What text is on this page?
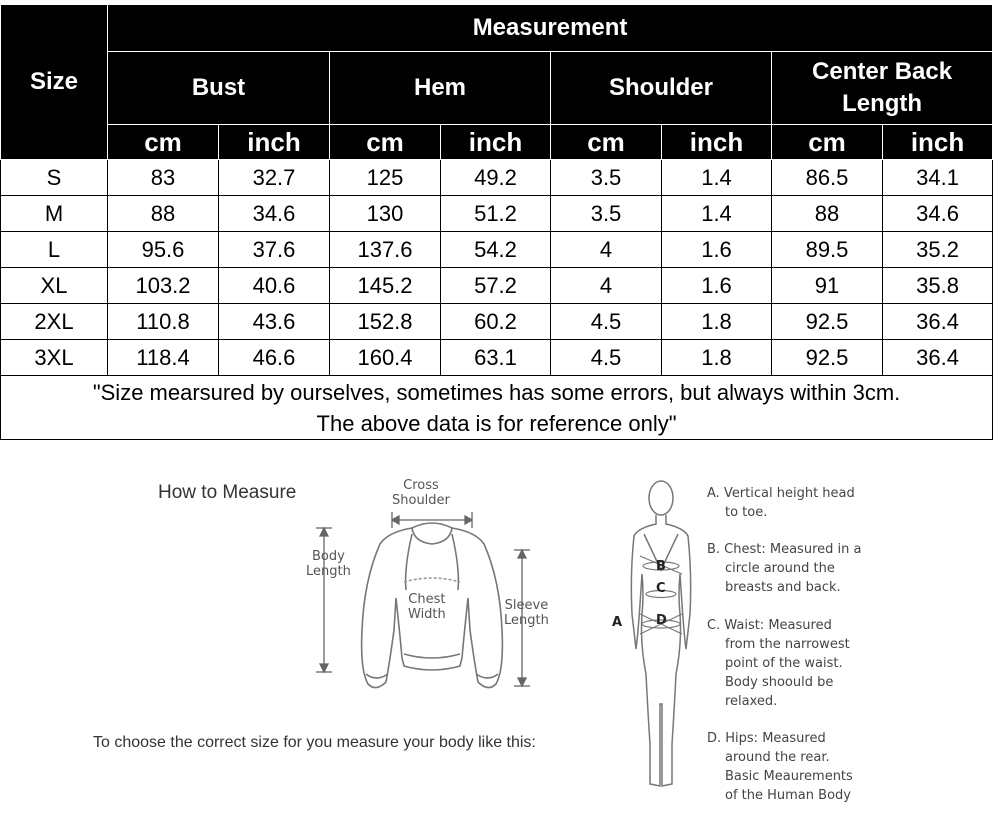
Size	Measurement							
	Bust		Hem		Shoulder		Center Back Length	
	cm	inch	cm	inch	cm	inch	cm	inch
S	83	32.7	125	49.2	3.5	1.4	86.5	34.1
M	88	34.6	130	51.2	3.5	1.4	88	34.6
L	95.6	37.6	137.6	54.2	4	1.6	89.5	35.2
XL	103.2	40.6	145.2	57.2	4	1.6	91	35.8
2XL	110.8	43.6	152.8	60.2	4.5	1.8	92.5	36.4
3XL	118.4	46.6	160.4	63.1	4.5	1.8	92.5	36.4

"Size mearsured by ourselves, sometimes has some errors, but always within 3cm.
The above data is for reference only"								
How to Measure	Cross
Shoulder
Body
Length
Chest
Width
Sleeve
Length
B
C
D
A
A. Vertical height head
to toe.
B. Chest: Measured in a
circle around the
breasts and back.
C. Waist: Measured
from the narrowest
point of the waist.
Body shoould be
relaxed.
D. Hips: Measured
around the rear.
Basic Meaurements
of the Human Body
To choose the correct size for you measure your body like this:
